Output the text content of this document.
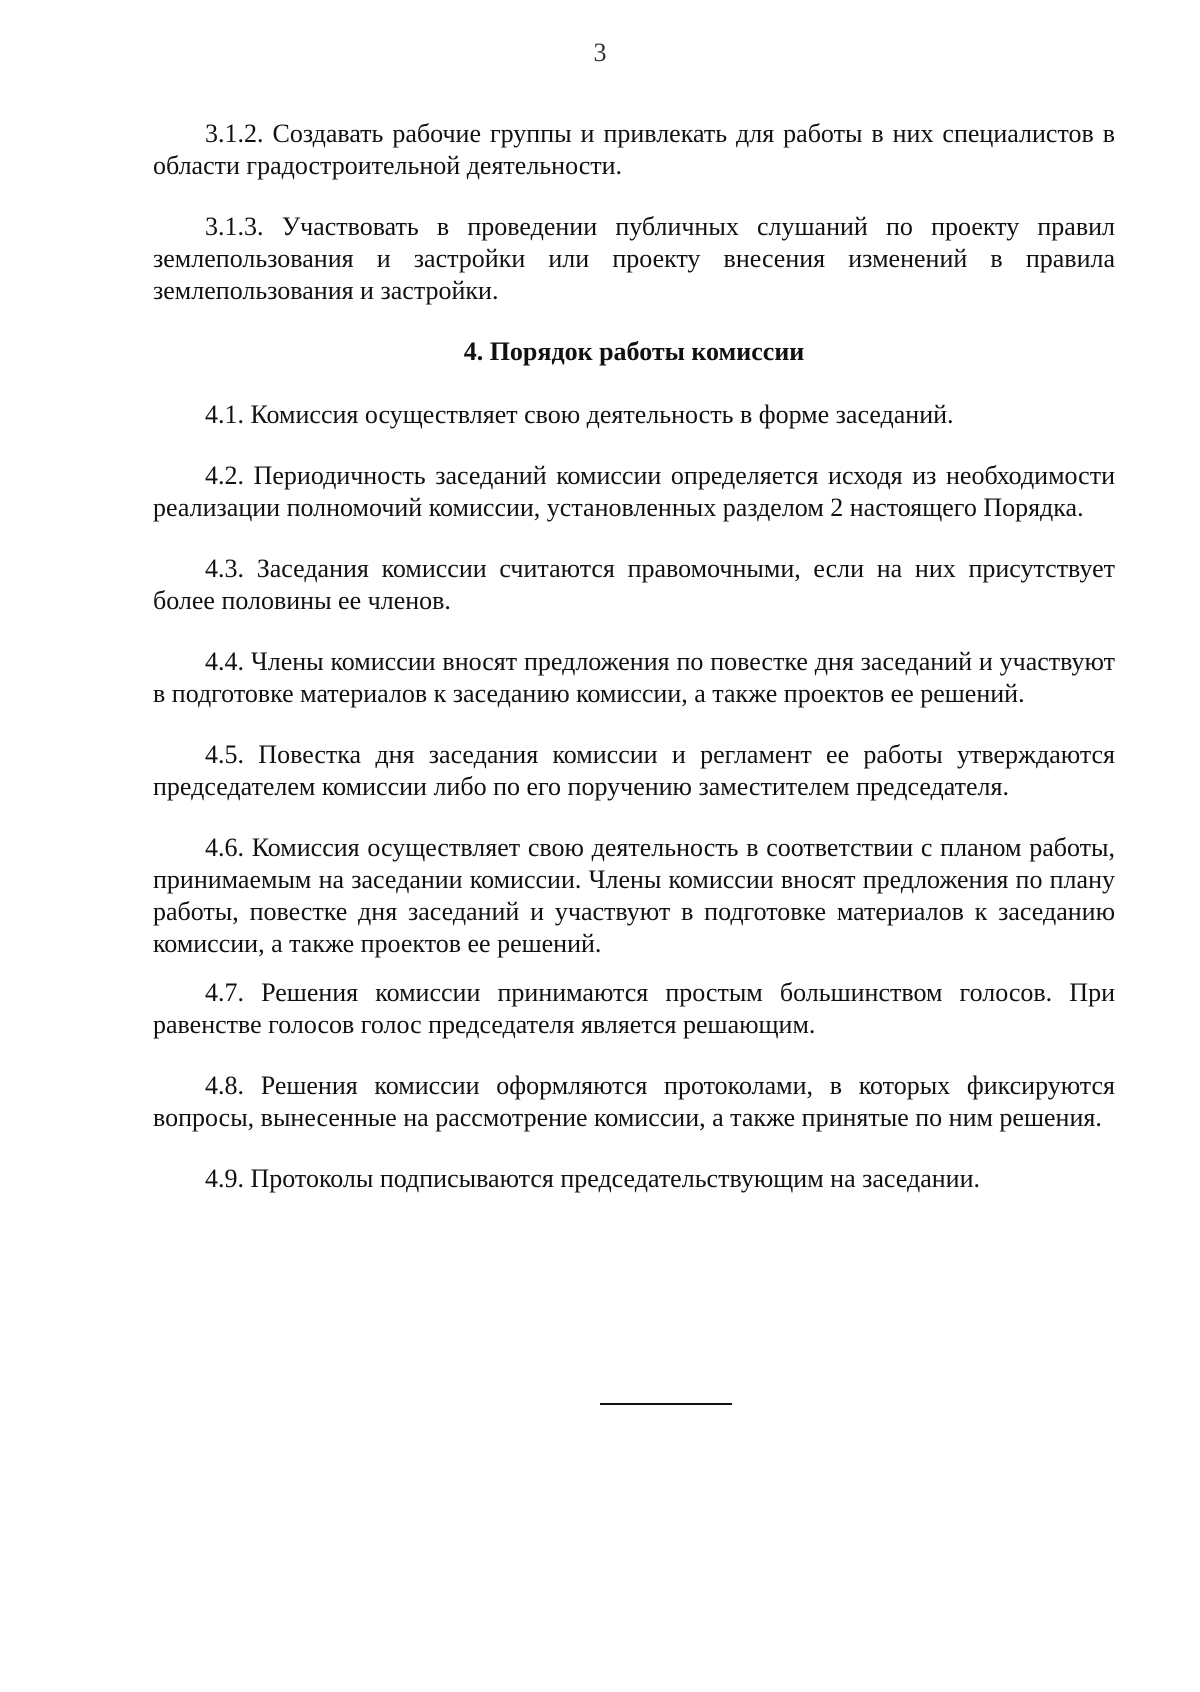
3

3.1.2. Создавать рабочие группы и привлекать для работы в них специалистов в области градостроительной деятельности.

3.1.3. Участвовать в проведении публичных слушаний по проекту правил землепользования и застройки или проекту внесения изменений в правила землепользования и застройки.

4. Порядок работы комиссии

4.1. Комиссия осуществляет свою деятельность в форме заседаний.

4.2. Периодичность заседаний комиссии определяется исходя из необходимости реализации полномочий комиссии, установленных разделом 2 настоящего Порядка.

4.3. Заседания комиссии считаются правомочными, если на них присутствует более половины ее членов.

4.4. Члены комиссии вносят предложения по повестке дня заседаний и участвуют в подготовке материалов к заседанию комиссии, а также проектов ее решений.

4.5. Повестка дня заседания комиссии и регламент ее работы утверждаются председателем комиссии либо по его поручению заместителем председателя.

4.6. Комиссия осуществляет свою деятельность в соответствии с планом работы, принимаемым на заседании комиссии. Члены комиссии вносят предложения по плану работы, повестке дня заседаний и участвуют в подготовке материалов к заседанию комиссии, а также проектов ее решений.

4.7. Решения комиссии принимаются простым большинством голосов. При равенстве голосов голос председателя является решающим.

4.8. Решения комиссии оформляются протоколами, в которых фиксируются вопросы, вынесенные на рассмотрение комиссии, а также принятые по ним решения.

4.9. Протоколы подписываются председательствующим на заседании.
